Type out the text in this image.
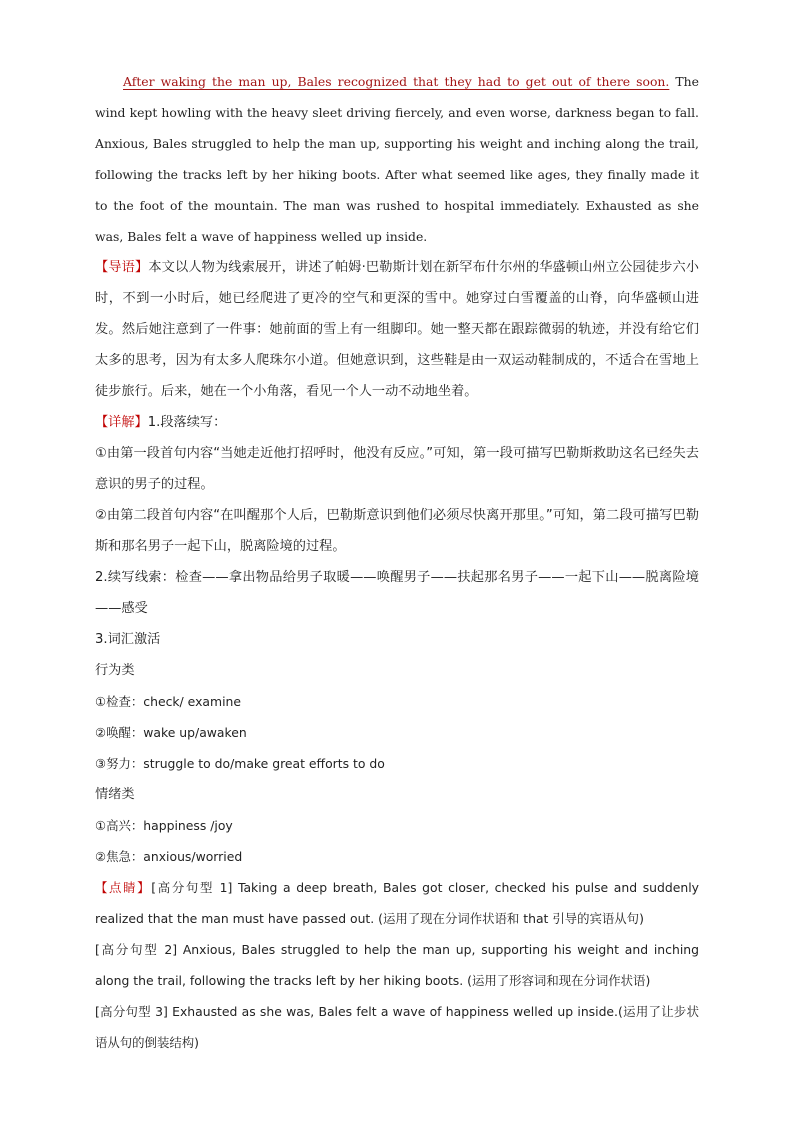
After waking the man up, Bales recognized that they had to get out of there soon. The wind kept howling with the heavy sleet driving fiercely, and even worse, darkness began to fall. Anxious, Bales struggled to help the man up, supporting his weight and inching along the trail, following the tracks left by her hiking boots. After what seemed like ages, they finally made it to the foot of the mountain. The man was rushed to hospital immediately. Exhausted as she was, Bales felt a wave of happiness welled up inside.

【导语】本文以人物为线索展开，讲述了帕姆·巴勒斯计划在新罕布什尔州的华盛顿山州立公园徒步六小时，不到一小时后，她已经爬进了更冷的空气和更深的雪中。她穿过白雪覆盖的山脊，向华盛顿山进发。然后她注意到了一件事：她前面的雪上有一组脚印。她一整天都在跟踪微弱的轨迹，并没有给它们太多的思考，因为有太多人爬珠尔小道。但她意识到，这些鞋是由一双运动鞋制成的，不适合在雪地上徒步旅行。后来，她在一个小角落，看见一个人一动不动地坐着。

【详解】1.段落续写：

①由第一段首句内容“当她走近他打招呼时，他没有反应。”可知，第一段可描写巴勒斯救助这名已经失去意识的男子的过程。

②由第二段首句内容“在叫醒那个人后，巴勒斯意识到他们必须尽快离开那里。”可知，第二段可描写巴勒斯和那名男子一起下山，脱离险境的过程。

2.续写线索：检查——拿出物品给男子取暖——唤醒男子——扶起那名男子——一起下山——脱离险境——感受

3.词汇激活

行为类

①检查：check/ examine

②唤醒：wake up/awaken

③努力：struggle to do/make great efforts to do

情绪类

①高兴：happiness /joy

②焦急：anxious/worried

【点睛】[高分句型 1] Taking a deep breath, Bales got closer, checked his pulse and suddenly realized that the man must have passed out. (运用了现在分词作状语和 that 引导的宾语从句)

[高分句型 2] Anxious, Bales struggled to help the man up, supporting his weight and inching along the trail, following the tracks left by her hiking boots. (运用了形容词和现在分词作状语)

[高分句型 3] Exhausted as she was, Bales felt a wave of happiness welled up inside.(运用了让步状语从句的倒装结构)
